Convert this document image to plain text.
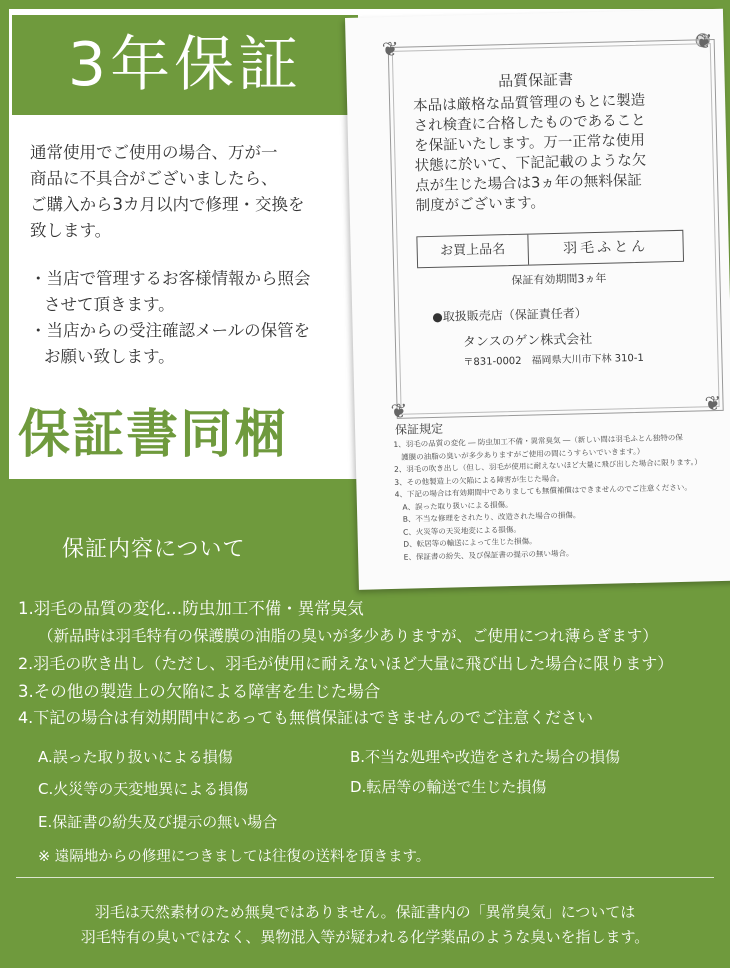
3年保証
通常使用でご使用の場合、万が一
商品に不具合がございましたら、
ご購入から3カ月以内で修理・交換を
致します。
・当店で管理するお客様情報から照会
させて頂きます。
・当店からの受注確認メールの保管を
お願い致します。
保証書同梱
❦	❦
❦	❦
品質保証書
本品は厳格な品質管理のもとに製造
され検査に合格したものであること
を保証いたします。万一正常な使用
状態に於いて、下記記載のような欠
点が生じた場合は3ヵ年の無料保証
制度がございます。
お買上品名	羽毛ふとん
保証有効期間3ヵ年
●取扱販売店（保証責任者）
タンスのゲン株式会社
〒831-0002　福岡県大川市下林 310-1
保証規定
1、羽毛の品質の変化 ― 防虫加工不備・異常臭気 ―（新しい間は羽毛ふとん独特の保
　護膜の油脂の臭いが多少ありますがご使用の間にうすらいでいきます。）
2、羽毛の吹き出し（但し、羽毛が使用に耐えないほど大量に飛び出した場合に限ります。）
3、その他製造上の欠陥による障害が生じた場合。
4、下記の場合は有効期間中でありましても無償補償はできませんのでご注意ください。
　A、誤った取り扱いによる損傷。
　B、不当な修理をされたり、改造された場合の損傷。
　C、火災等の天災地変による損傷。
　D、転居等の輸送によって生じた損傷。
　E、保証書の紛失、及び保証書の提示の無い場合。
保証内容について
1.羽毛の品質の変化…防虫加工不備・異常臭気
（新品時は羽毛特有の保護膜の油脂の臭いが多少ありますが、ご使用につれ薄らぎます）
2.羽毛の吹き出し（ただし、羽毛が使用に耐えないほど大量に飛び出した場合に限ります）
3.その他の製造上の欠陥による障害を生じた場合
4.下記の場合は有効期間中にあっても無償保証はできませんのでご注意ください
A.誤った取り扱いによる損傷	B.不当な処理や改造をされた場合の損傷
C.火災等の天変地異による損傷	D.転居等の輸送で生じた損傷
E.保証書の紛失及び提示の無い場合
※ 遠隔地からの修理につきましては往復の送料を頂きます。
羽毛は天然素材のため無臭ではありません。保証書内の「異常臭気」については
羽毛特有の臭いではなく、異物混入等が疑われる化学薬品のような臭いを指します。
